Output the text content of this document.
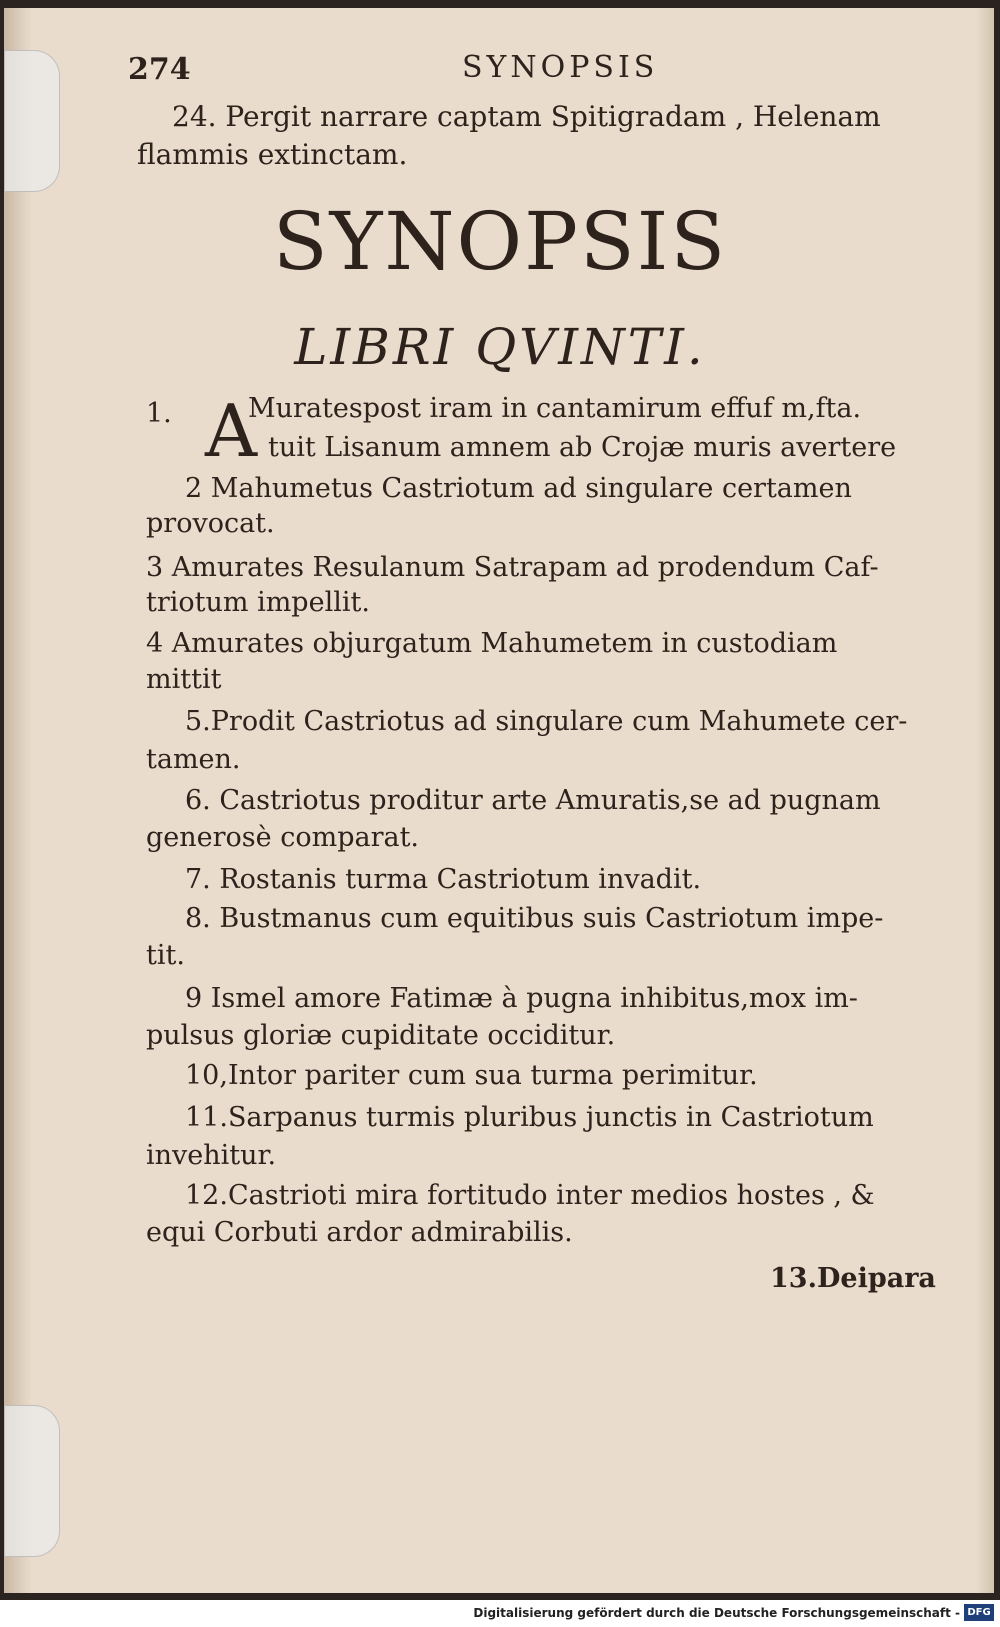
274	SYNOPSIS
24. Pergit narrare captam Spitigradam , Helenam
flammis extinctam.
SYNOPSIS
LIBRI QVINTI.
A
1.	Muratespost iram in cantamirum effuf m,fta.
tuit Lisanum amnem ab Crojæ muris avertere
2 Mahumetus Castriotum ad singulare certamen
provocat.
3 Amurates Resulanum Satrapam ad prodendum Caf-
triotum impellit.
4 Amurates objurgatum Mahumetem in custodiam
mittit
5.Prodit Castriotus ad singulare cum Mahumete cer-
tamen.
6. Castriotus proditur arte Amuratis,se ad pugnam
generosè comparat.
7. Rostanis turma Castriotum invadit.
8. Bustmanus cum equitibus suis Castriotum impe-
tit.
9 Ismel amore Fatimæ à pugna inhibitus,mox im-
pulsus gloriæ cupiditate occiditur.
10,Intor pariter cum sua turma perimitur.
11.Sarpanus turmis pluribus junctis in Castriotum
invehitur.
12.Castrioti mira fortitudo inter medios hostes , &
equi Corbuti ardor admirabilis.
13.Deipara
Digitalisierung gefördert durch die Deutsche Forschungsgemeinschaft - DFG
